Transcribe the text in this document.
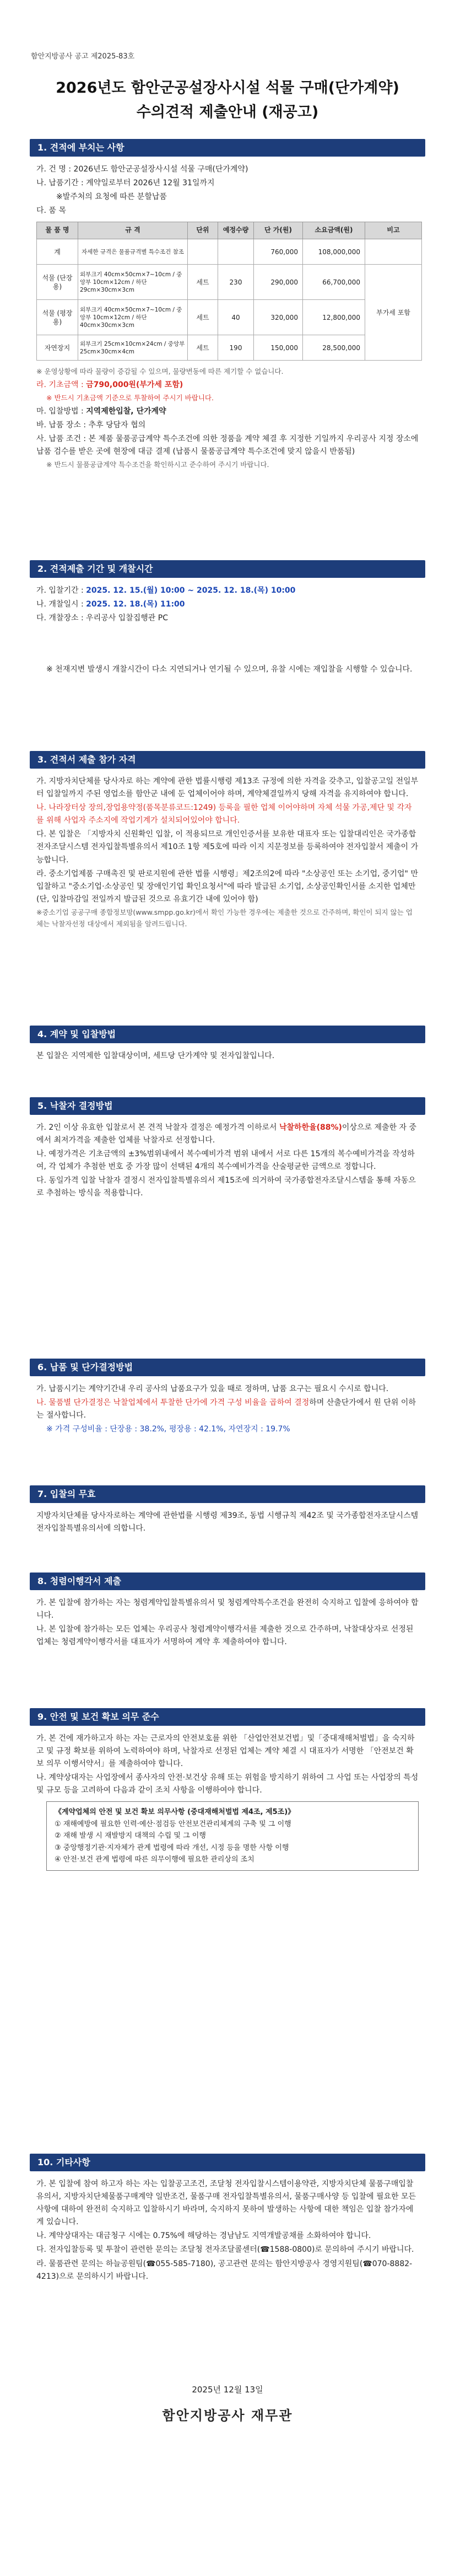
함안지방공사 공고 제2025-83호
2026년도 함안군공설장사시설 석물 구매(단가계약)
수의견적 제출안내 (재공고)
1. 견적에 부치는 사항
가. 건 명 : 2026년도 함안군공설장사시설 석물 구매(단가계약)
나. 납품기간 : 계약일로부터 2026년 12월 31일까지
※발주처의 요청에 따른 분할납품
다. 품 목
물 품 명	규 격	단위	예정수량	단 가(원)	소요금액(원)	비고
계	자세한 규격은 물품규격별 특수조건 참조			760,000	108,000,000	
석물 (단장용)	외부크기 40cm×50cm×7~10cm / 중앙부 10cm×12cm / 하단 29cm×30cm×3cm	세트	230	290,000	66,700,000	부가세 포함
석물 (평장용)	외부크기 40cm×50cm×7~10cm / 중앙부 10cm×12cm / 하단 40cm×30cm×3cm	세트	40	320,000	12,800,000	
자연장지	외부크기 25cm×10cm×24cm / 중앙부 25cm×30cm×4cm	세트	190	150,000	28,500,000	
※ 운영상황에 따라 물량이 증감될 수 있으며, 물량변동에 따른 제기할 수 없습니다.
라. 기초금액 : 금790,000원(부가세 포함)
※ 반드시 기초금액 기준으로 투찰하여 주시기 바랍니다.
마. 입찰방법 : 지역제한입찰, 단가계약
바. 납품 장소 : 추후 당담자 협의
사. 납품 조건 : 본 제품 물품공급계약 특수조건에 의한 정품을 계약 체결 후 지정한 기일까지 우리공사 지정 장소에 납품 검수를 받은 곳에 현장에 대금 결제 (납품시 물품공급계약 특수조건에 맞지 않을시 반품됨)
※ 반드시 물품공급계약 특수조건을 확인하시고 준수하여 주시기 바랍니다.
2. 견적제출 기간 및 개찰시간
가. 입찰기간 : 2025. 12. 15.(월) 10:00 ~ 2025. 12. 18.(목) 10:00
나. 개찰일시 : 2025. 12. 18.(목) 11:00
다. 개찰장소 : 우리공사 입찰집행관 PC
※ 천재지변 발생시 개찰시간이 다소 지연되거나 연기될 수 있으며, 유찰 시에는 재입찰을 시행할 수 있습니다.
3. 견적서 제출 참가 자격
가. 지방자치단체를 당사자로 하는 계약에 관한 법률시행령 제13조 규정에 의한 자격을 갖추고, 입찰공고일 전일부터 입찰일까지 주된 영업소를 함안군 내에 둔 업체이어야 하며, 계약체결일까지 당해 자격을 유지하여야 합니다.
나. 나라장터상 장의,장업용약정(품목분류코드:1249) 등록을 필한 업체 이어야하며 자체 석물 가공,제단 및 각자를 위해 사업자 주소지에 작업기계가 설치되어있어야 합니다.
다. 본 입찰은 「지방자치 신원확인 입찰, 이 적용되므로 개인인증서를 보유한 대표자 또는 입찰대리인은 국가종합전자조달시스템 전자입찰특별유의서 제10조 1항 제5호에 따라 이지 지문정보를 등록하여야 전자입찰서 제출이 가능합니다.
라. 중소기업제품 구매촉진 및 판로지원에 관한 법률 시행령」제2조의2에 따라 "소상공인 또는 소기업, 중기업" 만 입찰하고 "중소기업·소상공인 및 장애인기업 확인요청서"에 따라 발급된 소기업, 소상공인확인서를 소지한 업체만 (단, 입찰마감일 전일까지 발급된 것으로 유효기간 내에 있어야 함)
※중소기업 공공구매 종합정보망(www.smpp.go.kr)에서 확인 가능한 경우에는 제출한 것으로 간주하며, 확인이 되지 않는 업체는 낙찰자선정 대상에서 제외됨을 알려드립니다.
4. 계약 및 입찰방법
본 입찰은 지역제한 입찰대상이며, 세트당 단가계약 및 전자입찰입니다.
5. 낙찰자 결정방법
가. 2인 이상 유효한 입찰로서 본 견적 낙찰자 결정은 예정가격 이하로서 낙찰하한율(88%)이상으로 제출한 자 중에서 최저가격을 제출한 업체를 낙찰자로 선정합니다.
나. 예정가격은 기초금액의 ±3%범위내에서 복수예비가격 범위 내에서 서로 다른 15개의 복수예비가격을 작성하여, 각 업체가 추첨한 번호 중 가장 많이 선택된 4개의 복수예비가격을 산술평균한 금액으로 정합니다.
다. 동일가격 입찰 낙찰자 결정시 전자입찰특별유의서 제15조에 의거하여 국가종합전자조달시스템을 통해 자동으로 추첨하는 방식을 적용합니다.
6. 납품 및 단가결정방법
가. 납품시기는 계약기간내 우리 공사의 납품요구가 있을 때로 정하며, 납품 요구는 필요시 수시로 합니다.
나. 물품별 단가결정은 낙찰업체에서 투찰한 단가에 가격 구성 비율을 곱하여 결정하며 산출단가에서 원 단위 이하는 절사합니다.
※ 가격 구성비율 : 단장용 : 38.2%, 평장용 : 42.1%, 자연장지 : 19.7%
7. 입찰의 무효
지방자치단체를 당사자로하는 계약에 관한법률 시행령 제39조, 동법 시행규칙 제42조 및 국가종합전자조달시스템 전자입찰특별유의서에 의합니다.
8. 청렴이행각서 제출
가. 본 입찰에 참가하는 자는 청렴계약입찰특별유의서 및 청렴계약특수조건을 완전히 숙지하고 입찰에 응하여야 합니다.
나. 본 입찰에 참가하는 모든 업체는 우리공사 청렴계약이행각서를 제출한 것으로 간주하며, 낙찰대상자로 선정된 업체는 청렴계약이행각서를 대표자가 서명하여 계약 후 제출하여야 합니다.
9. 안전 및 보건 확보 의무 준수
가. 본 건에 재가하고자 하는 자는 근로자의 안전보호를 위한 「산업안전보건법」및「중대재해처벌법」을 숙지하고 및 규정 확보를 위하여 노력하여야 하며, 낙찰자로 선정된 업체는 계약 체결 시 대표자가 서명한 「안전보건 확보 의무 이행서약서」를 제출하여야 합니다.
나. 계약상대자는 사업장에서 종사자의 안전·보건상 유해 또는 위험을 방지하기 위하여 그 사업 또는 사업장의 특성 및 규모 등을 고려하여 다음과 같이 조치 사항을 이행하여야 합니다.
《계약업체의 안전 및 보건 확보 의무사항 (중대재해처벌법 제4조, 제5조)》
① 재해예방에 필요한 인력·예산·점검등 안전보건관리체계의 구축 및 그 이행
② 재해 발생 시 재발방지 대책의 수립 및 그 이행
③ 중앙행정기관·지자체가 관계 법령에 따라 개선, 시정 등을 명한 사항 이행
④ 안전·보건 관계 법령에 따른 의무이행에 필요한 관리상의 조치
10. 기타사항
가. 본 입찰에 참여 하고자 하는 자는 입찰공고조건, 조달청 전자입찰시스템이용약관, 지방자치단체 물품구매입찰유의서, 지방자치단체물품구매계약 일반조건, 물품구매 전자입찰특별유의서, 물품구매사양 등 입찰에 필요한 모든 사항에 대하여 완전히 숙지하고 입찰하시기 바라며, 숙지하지 못하여 발생하는 사항에 대한 책임은 입찰 참가자에게 있습니다.
나. 계약상대자는 대금청구 시에는 0.75%에 해당하는 경남남도 지역개발공채를 소화하여야 합니다.
다. 전자입찰등록 및 투찰이 관련한 문의는 조달청 전자조달콜센터(☎1588-0800)로 문의하여 주시기 바랍니다.
라. 물품관련 문의는 하늘공원팀(☎055-585-7180), 공고관련 문의는 함안지방공사 경영지원팀(☎070-8882-4213)으로 문의하시기 바랍니다.
2025년 12월 13일
함안지방공사 재무관
